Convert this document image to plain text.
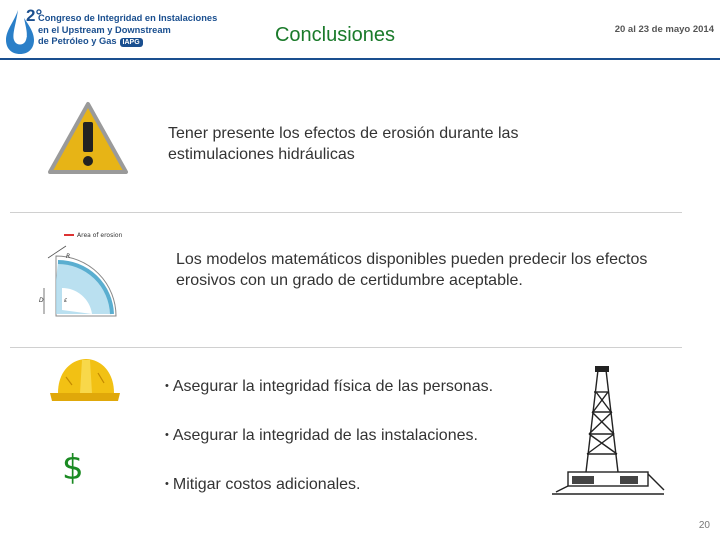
2°
Congreso de Integridad en Instalaciones
en el Upstream y Downstream
de Petróleo y Gas IAPG	Conclusiones	20 al 23 de mayo 2014
Tener presente los efectos de erosión durante las estimulaciones hidráulicas
Area of erosion
R
D	ε
Los modelos matemáticos disponibles pueden predecir los efectos erosivos con un grado de certidumbre aceptable.
• Asegurar la integridad física de las personas.
• Asegurar la integridad de las instalaciones.
• Mitigar costos adicionales.
$
20
